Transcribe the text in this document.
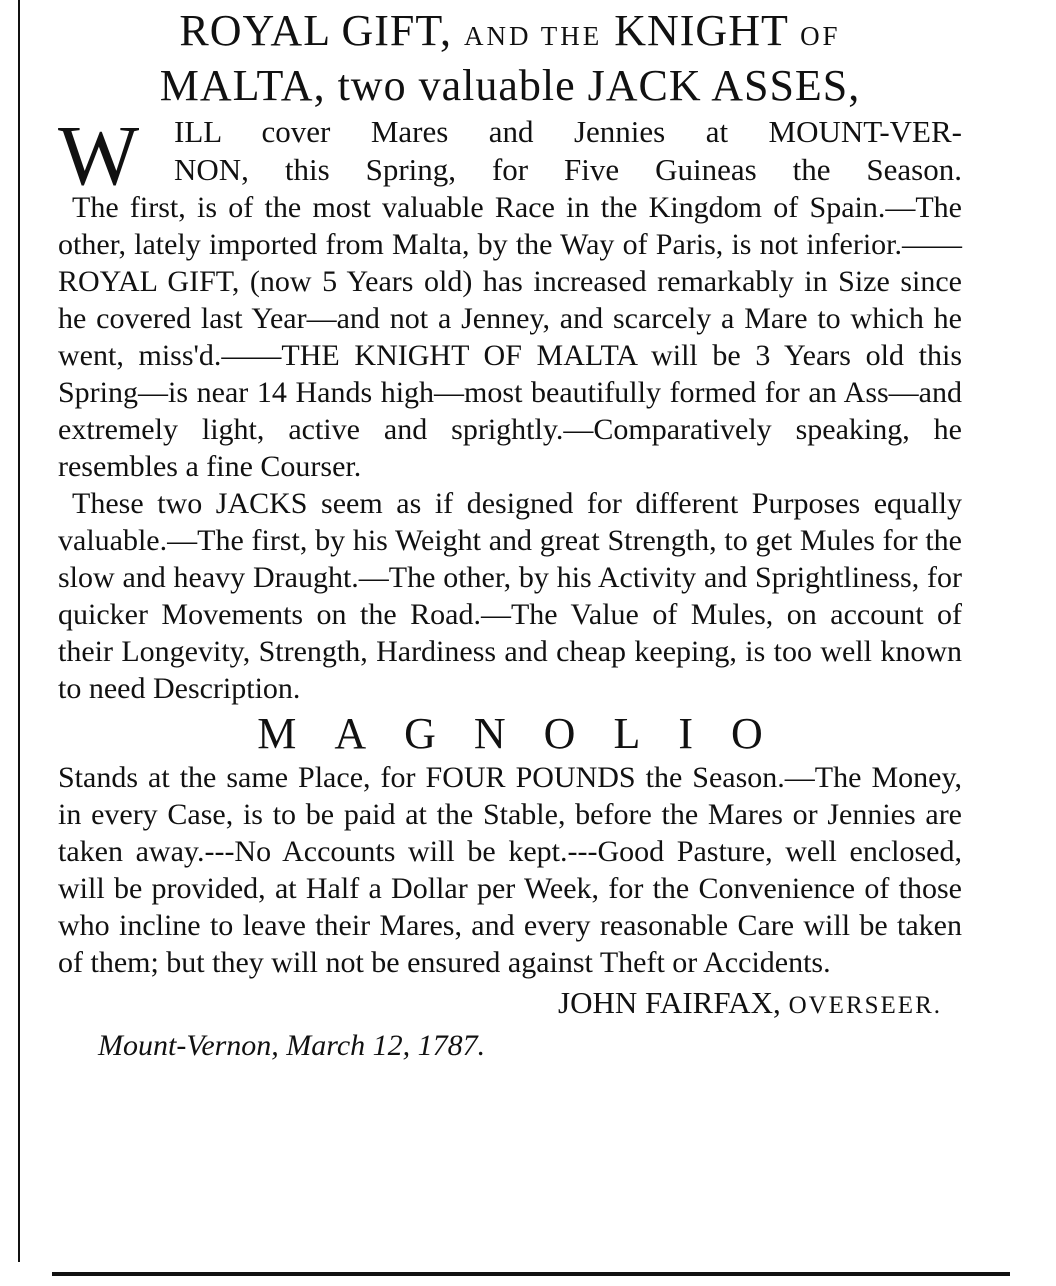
ROYAL GIFT, AND THE KNIGHT OF
MALTA, two valuable JACK ASSES,
W ILL cover Mares and Jennies at MOUNT-VER-
NON, this Spring, for Five Guineas the Season.

The first, is of the most valuable Race in the Kingdom of Spain.—The other, lately imported from Malta, by the Way of Paris, is not inferior.——ROYAL GIFT, (now 5 Years old) has increased remarkably in Size since he covered last Year—and not a Jenney, and scarcely a Mare to which he went, miss'd.——THE KNIGHT OF MALTA will be 3 Years old this Spring—is near 14 Hands high—most beautifully formed for an Ass—and extremely light, active and sprightly.—Comparatively speaking, he resembles a fine Courser.

These two JACKS seem as if designed for different Purposes equally valuable.—The first, by his Weight and great Strength, to get Mules for the slow and heavy Draught.—The other, by his Activity and Sprightliness, for quicker Movements on the Road.—The Value of Mules, on account of their Longevity, Strength, Hardiness and cheap keeping, is too well known to need Description.

MAGNOLIO

Stands at the same Place, for FOUR POUNDS the Season.—The Money, in every Case, is to be paid at the Stable, before the Mares or Jennies are taken away.---No Accounts will be kept.---Good Pasture, well enclosed, will be provided, at Half a Dollar per Week, for the Convenience of those who incline to leave their Mares, and every reasonable Care will be taken of them; but they will not be ensured against Theft or Accidents.

JOHN FAIRFAX, OVERSEER.
Mount-Vernon, March 12, 1787.
